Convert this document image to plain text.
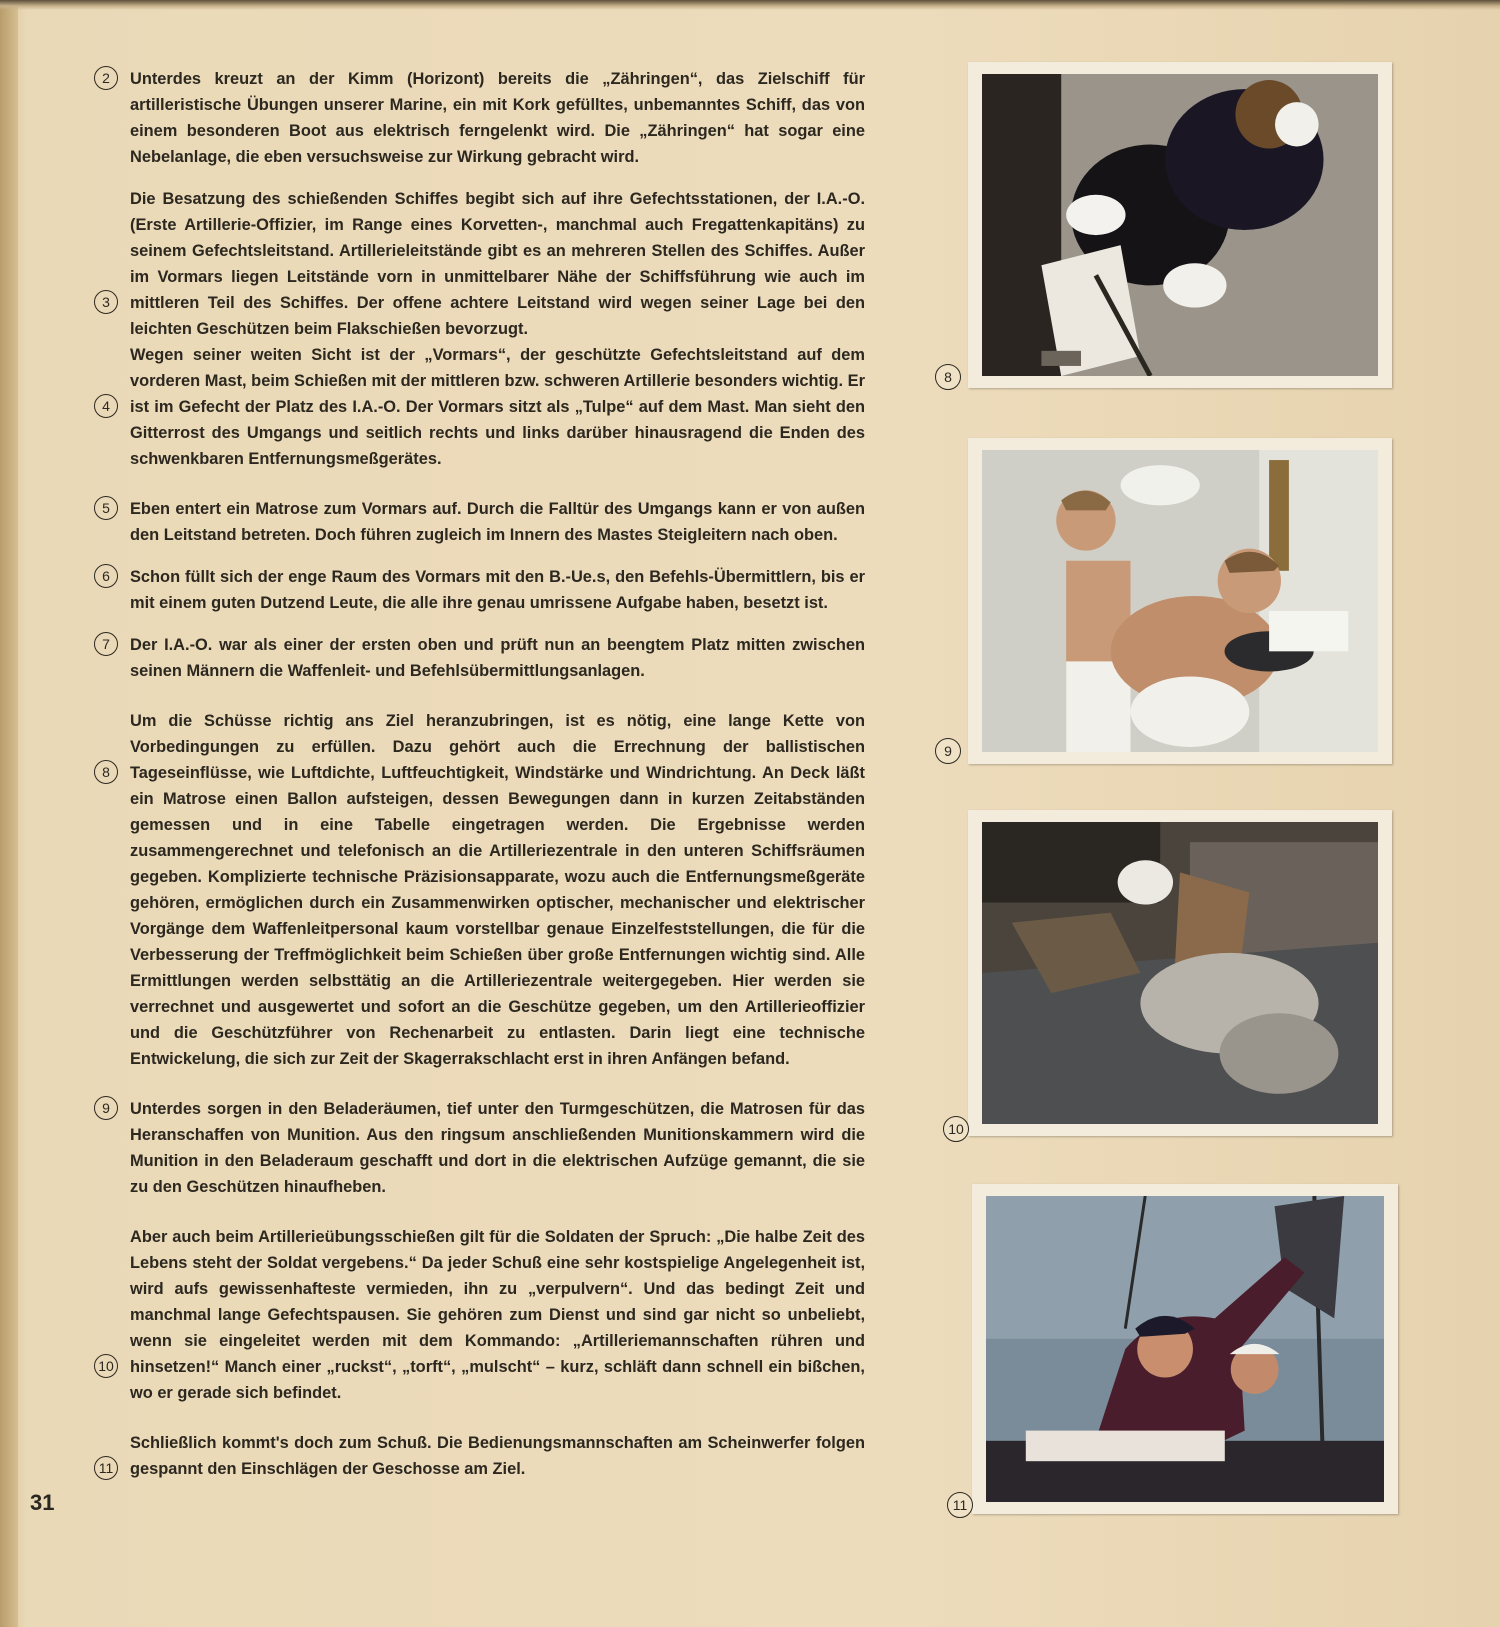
2	Unterdes kreuzt an der Kimm (Horizont) bereits die „Zähringen“, das Zielschiff für artilleristische Übungen unserer Marine, ein mit Kork gefülltes, unbemanntes Schiff, das von einem besonderen Boot aus elektrisch ferngelenkt wird. Die „Zähringen“ hat sogar eine Nebelanlage, die eben versuchsweise zur Wirkung gebracht wird.
3
Die Besatzung des schießenden Schiffes begibt sich auf ihre Gefechtsstationen, der I.A.-O. (Erste Artillerie-Offizier, im Range eines Korvetten-, manchmal auch Fregattenkapitäns) zu seinem Gefechtsleitstand. Artillerieleitstände gibt es an mehreren Stellen des Schiffes. Außer im Vormars liegen Leitstände vorn in unmittelbarer Nähe der Schiffsführung wie auch im mittleren Teil des Schiffes. Der offene achtere Leitstand wird wegen seiner Lage bei den leichten Geschützen beim Flakschießen bevorzugt.
4
Wegen seiner weiten Sicht ist der „Vormars“, der geschützte Gefechtsleitstand auf dem vorderen Mast, beim Schießen mit der mittleren bzw. schweren Artillerie besonders wichtig. Er ist im Gefecht der Platz des I.A.-O. Der Vormars sitzt als „Tulpe“ auf dem Mast. Man sieht den Gitterrost des Umgangs und seitlich rechts und links darüber hinausragend die Enden des schwenkbaren Entfernungsmeßgerätes.
5	Eben entert ein Matrose zum Vormars auf. Durch die Falltür des Umgangs kann er von außen den Leitstand betreten. Doch führen zugleich im Innern des Mastes Steigleitern nach oben.
6	Schon füllt sich der enge Raum des Vormars mit den B.-Ue.s, den Befehls-Übermittlern, bis er mit einem guten Dutzend Leute, die alle ihre genau umrissene Aufgabe haben, besetzt ist.
7	Der I.A.-O. war als einer der ersten oben und prüft nun an beengtem Platz mitten zwischen seinen Männern die Waffenleit- und Befehlsübermittlungsanlagen.
8
Um die Schüsse richtig ans Ziel heranzubringen, ist es nötig, eine lange Kette von Vorbedingungen zu erfüllen. Dazu gehört auch die Errechnung der ballistischen Tageseinflüsse, wie Luftdichte, Luftfeuchtigkeit, Windstärke und Windrichtung. An Deck läßt ein Matrose einen Ballon aufsteigen, dessen Bewegungen dann in kurzen Zeitabständen gemessen und in eine Tabelle eingetragen werden. Die Ergebnisse werden zusammengerechnet und telefonisch an die Artilleriezentrale in den unteren Schiffsräumen gegeben. Komplizierte technische Präzisionsapparate, wozu auch die Entfernungsmeßgeräte gehören, ermöglichen durch ein Zusammenwirken optischer, mechanischer und elektrischer Vorgänge dem Waffenleitpersonal kaum vorstellbar genaue Einzelfeststellungen, die für die Verbesserung der Treffmöglichkeit beim Schießen über große Entfernungen wichtig sind. Alle Ermittlungen werden selbsttätig an die Artilleriezentrale weitergegeben. Hier werden sie verrechnet und ausgewertet und sofort an die Geschütze gegeben, um den Artillerieoffizier und die Geschützführer von Rechenarbeit zu entlasten. Darin liegt eine technische Entwickelung, die sich zur Zeit der Skagerrakschlacht erst in ihren Anfängen befand.
9	Unterdes sorgen in den Beladeräumen, tief unter den Turmgeschützen, die Matrosen für das Heranschaffen von Munition. Aus den ringsum anschließenden Munitionskammern wird die Munition in den Beladeraum geschafft und dort in die elektrischen Aufzüge gemannt, die sie zu den Geschützen hinaufheben.
10
Aber auch beim Artillerieübungsschießen gilt für die Soldaten der Spruch: „Die halbe Zeit des Lebens steht der Soldat vergebens.“ Da jeder Schuß eine sehr kostspielige Angelegenheit ist, wird aufs gewissenhafteste vermieden, ihn zu „verpulvern“. Und das bedingt Zeit und manchmal lange Gefechtspausen. Sie gehören zum Dienst und sind gar nicht so unbeliebt, wenn sie eingeleitet werden mit dem Kommando: „Artilleriemannschaften rühren und hinsetzen!“ Manch einer „ruckst“, „torft“, „mulscht“ – kurz, schläft dann schnell ein bißchen, wo er gerade sich befindet.
11
Schließlich kommt's doch zum Schuß. Die Bedienungsmannschaften am Scheinwerfer folgen gespannt den Einschlägen der Geschosse am Ziel.
31
8
9
10
11
